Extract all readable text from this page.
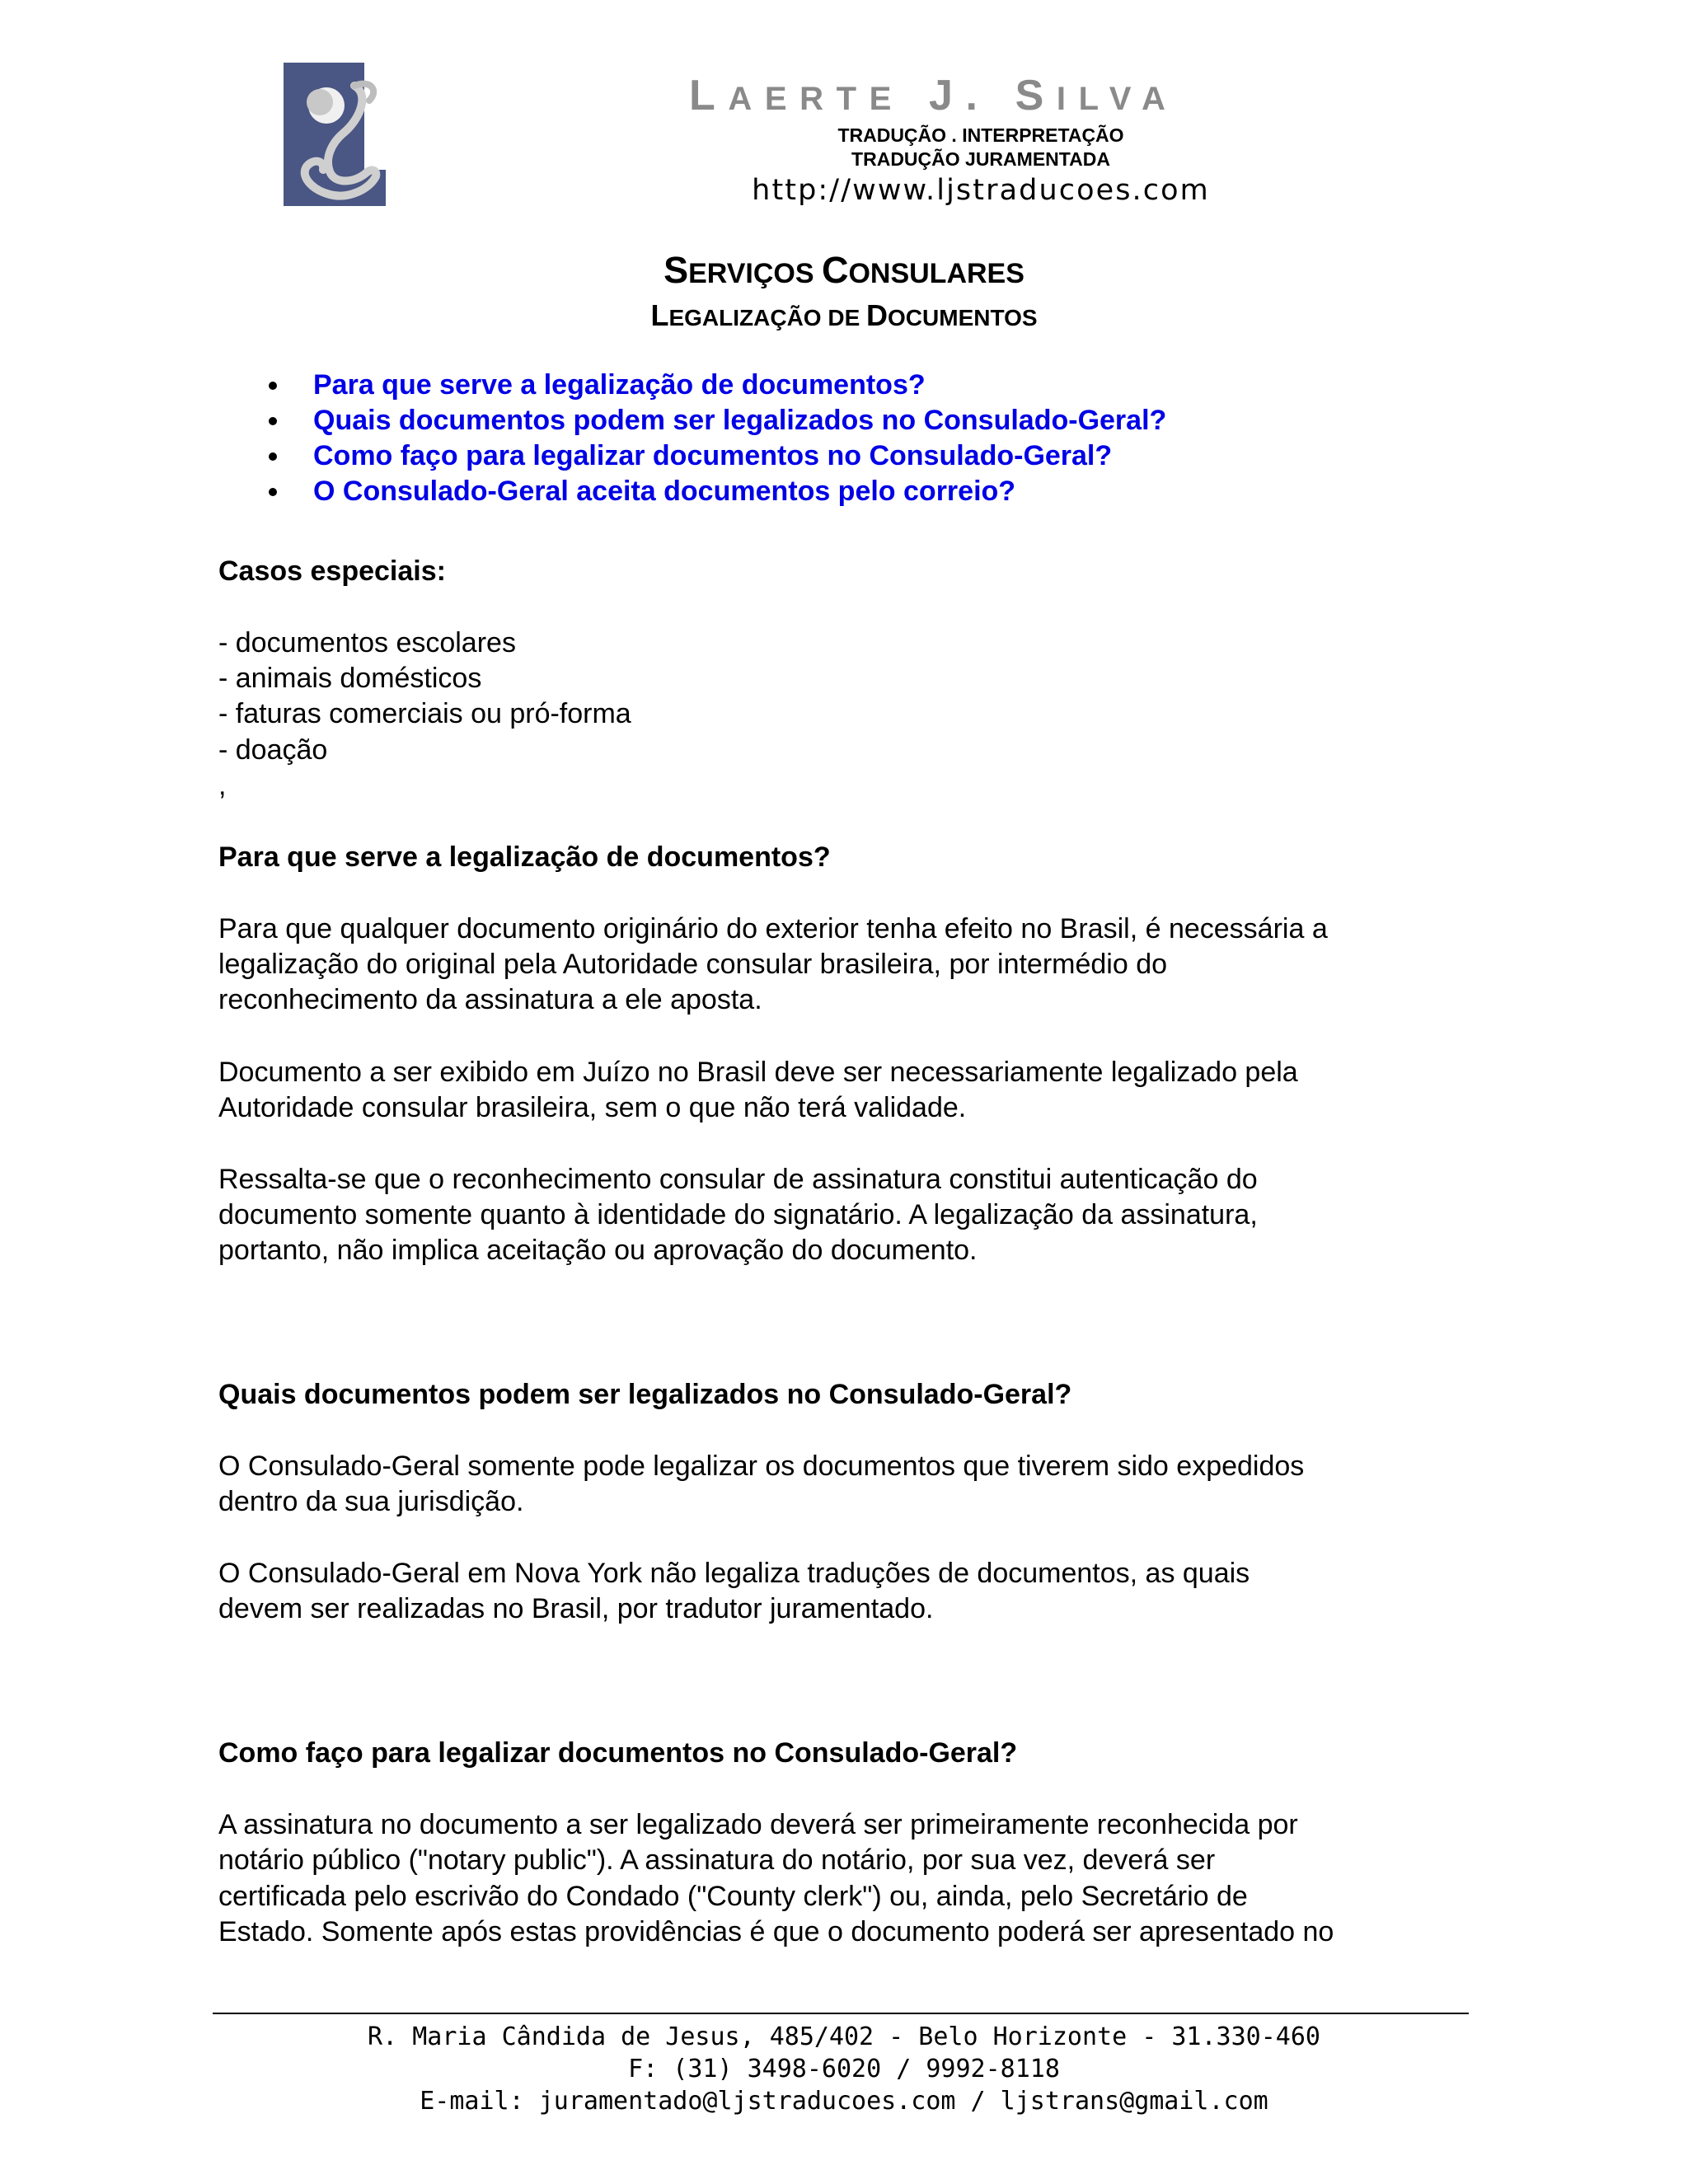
LAERTE J. SILVA
TRADUÇÃO . INTERPRETAÇÃO
TRADUÇÃO JURAMENTADA
http://www.ljstraducoes.com
SERVIÇOS CONSULARES
LEGALIZAÇÃO DE DOCUMENTOS
Para que serve a legalização de documentos?
Quais documentos podem ser legalizados no Consulado-Geral?
Como faço para legalizar documentos no Consulado-Geral?
O Consulado-Geral aceita documentos pelo correio?
Casos especiais:
- documentos escolares
- animais domésticos
- faturas comerciais ou pró-forma
- doação
,
Para que serve a legalização de documentos?
Para que qualquer documento originário do exterior tenha efeito no Brasil, é necessária a
legalização do original pela Autoridade consular brasileira, por intermédio do
reconhecimento da assinatura a ele aposta.
Documento a ser exibido em Juízo no Brasil deve ser necessariamente legalizado pela
Autoridade consular brasileira, sem o que não terá validade.
Ressalta-se que o reconhecimento consular de assinatura constitui autenticação do
documento somente quanto à identidade do signatário. A legalização da assinatura,
portanto, não implica aceitação ou aprovação do documento.
Quais documentos podem ser legalizados no Consulado-Geral?
O Consulado-Geral somente pode legalizar os documentos que tiverem sido expedidos
dentro da sua jurisdição.
O Consulado-Geral em Nova York não legaliza traduções de documentos, as quais
devem ser realizadas no Brasil, por tradutor juramentado.
Como faço para legalizar documentos no Consulado-Geral?
A assinatura no documento a ser legalizado deverá ser primeiramente reconhecida por
notário público ("notary public"). A assinatura do notário, por sua vez, deverá ser
certificada pelo escrivão do Condado ("County clerk") ou, ainda, pelo Secretário de
Estado. Somente após estas providências é que o documento poderá ser apresentado no
R. Maria Cândida de Jesus, 485/402 - Belo Horizonte - 31.330-460
F: (31) 3498-6020 / 9992-8118
E-mail: juramentado@ljstraducoes.com / ljstrans@gmail.com
